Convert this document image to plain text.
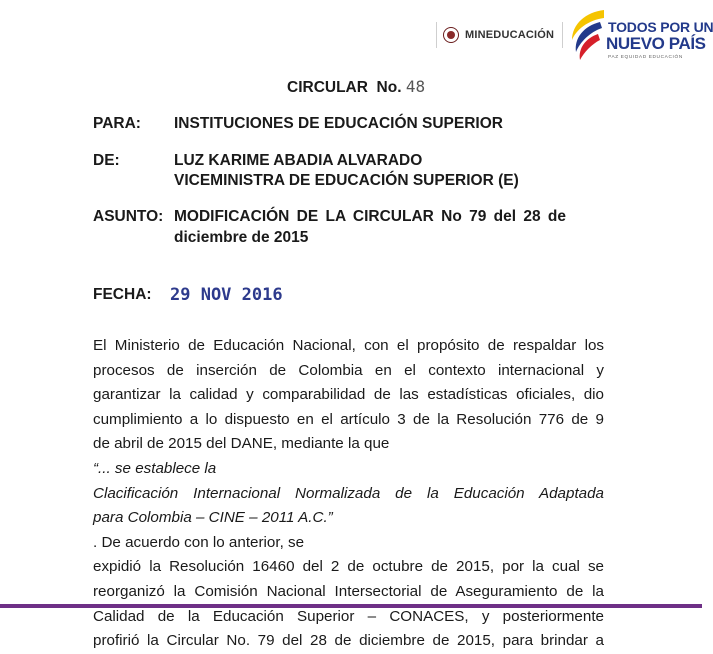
MINEDUCACIÓN	TODOS POR UN
NUEVO PAÍS
PAZ EQUIDAD EDUCACIÓN
CIRCULAR  No. 48
PARA: INSTITUCIONES DE EDUCACIÓN SUPERIOR
DE:	LUZ KARIME ABADIA ALVARADO
VICEMINISTRA DE EDUCACIÓN SUPERIOR (E)
ASUNTO: MODIFICACIÓN DE LA CIRCULAR No 79 del 28 de
diciembre de 2015
FECHA: 29 NOV 2016
El Ministerio de Educación Nacional, con el propósito de respaldar los
procesos de inserción de Colombia en el contexto internacional y
garantizar la calidad y comparabilidad de las estadísticas oficiales, dio
cumplimiento a lo dispuesto en el artículo 3 de la Resolución 776 de 9
de abril de 2015 del DANE, mediante la que
“... se establece la
Clacificación Internacional Normalizada de la Educación Adaptada
para Colombia – CINE – 2011 A.C.”
. De acuerdo con lo anterior, se
expidió la Resolución 16460 del 2 de octubre de 2015, por la cual se
reorganizó la Comisión Nacional Intersectorial de Aseguramiento de la
Calidad de la Educación Superior – CONACES, y posteriormente
profirió la Circular No. 79 del 28 de diciembre de 2015, para brindar a
